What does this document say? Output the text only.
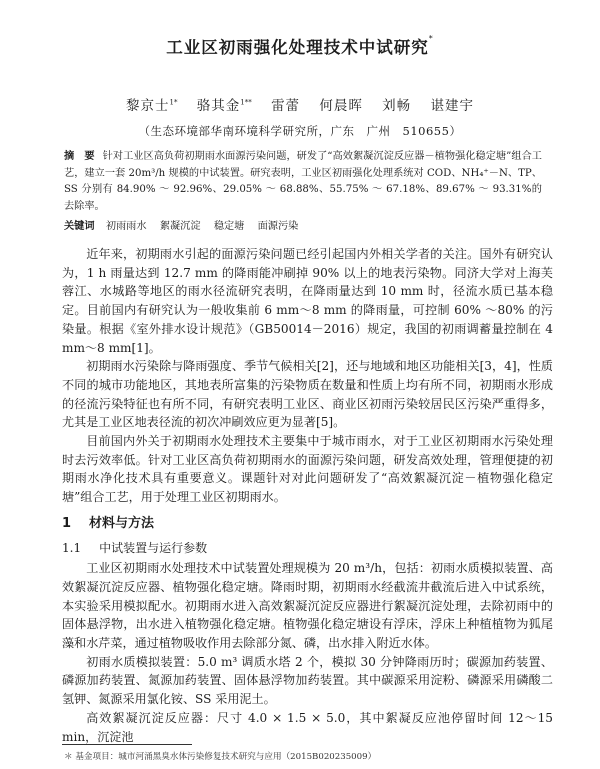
工业区初雨强化处理技术中试研究*
黎京士$^{1*}$ 骆其金$^{1**}$ 雷蕾 何晨晖 刘畅 谌建宇
（生态环境部华南环境科学研究所，广东　广州　510655）
摘　要 针对工业区高负荷初期雨水面源污染问题，研发了“高效絮凝沉淀反应器－植物强化稳定塘”组合工艺，建立一套 20m³/h 规模的中试装置。研究表明，工业区初雨强化处理系统对 COD、NH₄⁺－N、TP、SS 分别有 84.90% ～ 92.96%、29.05% ～ 68.88%、55.75% ～ 67.18%、89.67% ～ 93.31%的去除率。
关键词 初雨雨水 絮凝沉淀 稳定塘 面源污染

近年来，初期雨水引起的面源污染问题已经引起国内外相关学者的关注。国外有研究认为，1 h 雨量达到 12.7 mm 的降雨能冲刷掉 90% 以上的地表污染物。同济大学对上海芙蓉江、水城路等地区的雨水径流研究表明，在降雨量达到 10 mm 时，径流水质已基本稳定。目前国内有研究认为一般收集前 6 mm～8 mm 的降雨量，可控制 60% ～80% 的污染量。根据《室外排水设计规范》（GB50014－2016）规定，我国的初雨调蓄量控制在 4 mm～8 mm[1]。

初期雨水污染除与降雨强度、季节气候相关[2]，还与地域和地区功能相关[3，4]，性质不同的城市功能地区，其地表所富集的污染物质在数量和性质上均有所不同，初期雨水形成的径流污染特征也有所不同，有研究表明工业区、商业区初雨污染较居民区污染严重得多，尤其是工业区地表径流的初次冲刷效应更为显著[5]。

目前国内外关于初期雨水处理技术主要集中于城市雨水，对于工业区初期雨水污染处理时去污效率低。针对工业区高负荷初期雨水的面源污染问题，研发高效处理，管理便捷的初期雨水净化技术具有重要意义。课题针对对此问题研发了“高效絮凝沉淀－植物强化稳定塘”组合工艺，用于处理工业区初期雨水。

1 材料与方法
1.1 中试装置与运行参数

工业区初期雨水处理技术中试装置处理规模为 20 m³/h，包括：初雨水质模拟装置、高效絮凝沉淀反应器、植物强化稳定塘。降雨时期，初期雨水经截流井截流后进入中试系统，本实验采用模拟配水。初期雨水进入高效絮凝沉淀反应器进行絮凝沉淀处理，去除初雨中的固体悬浮物，出水进入植物强化稳定塘。植物强化稳定塘设有浮床，浮床上种植植物为狐尾藻和水芹菜，通过植物吸收作用去除部分氮、磷，出水排入附近水体。

初雨水质模拟装置：5.0 m³ 调质水塔 2 个，模拟 30 分钟降雨历时；碳源加药装置、磷源加药装置、氮源加药装置、固体悬浮物加药装置。其中碳源采用淀粉、磷源采用磷酸二氢钾、氮源采用氯化铵、SS 采用泥土。

高效絮凝沉淀反应器：尺寸 4.0 × 1.5 × 5.0，其中絮凝反应池停留时间 12～15 min，沉淀池

＊ 基金项目：城市河涌黑臭水体污染修复技术研究与应用（2015B020235009）
